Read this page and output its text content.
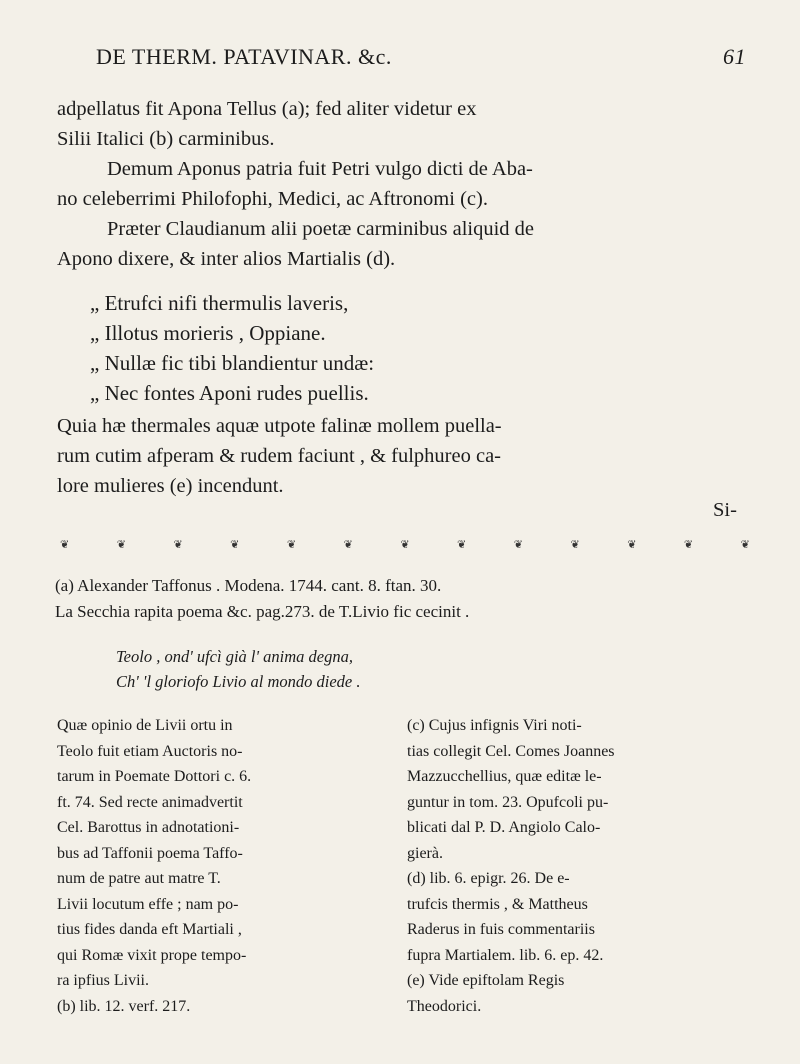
DE THERM. PATAVINAR. &c.	61
adpellatus fit Apona Tellus (a); fed aliter videtur ex
Silii Italici (b) carminibus.
Demum Aponus patria fuit Petri vulgo dicti de Aba-
no celeberrimi Philofophi, Medici, ac Aftronomi (c).
Præter Claudianum alii poetæ carminibus aliquid de
Apono dixere, & inter alios Martialis (d).
„ Etrufci nifi thermulis laveris,
„ Illotus morieris , Oppiane.
„ Nullæ fic tibi blandientur undæ:
„ Nec fontes Aponi rudes puellis.
Quia hæ thermales aquæ utpote falinæ mollem puella-
rum cutim afperam & rudem faciunt , & fulphureo ca-
lore mulieres (e) incendunt.
Si-
❦	❦	❦	❦	❦	❦	❦	❦	❦	❦	❦	❦	❦
(a) Alexander Taffonus . Modena. 1744. cant. 8. ftan. 30.
La Secchia rapita poema &c. pag.273. de T.Livio fic cecinit .
Teolo , ond' ufcì già l' anima degna,
Ch' 'l gloriofo Livio al mondo diede .
Quæ opinio de Livii ortu in
Teolo fuit etiam Auctoris no-
tarum in Poemate Dottori c. 6.
ft. 74. Sed recte animadvertit
Cel. Barottus in adnotationi-
bus ad Taffonii poema Taffo-
num de patre aut matre T.
Livii locutum effe ; nam po-
tius fides danda eft Martiali ,
qui Romæ vixit prope tempo-
ra ipfius Livii.
(b) lib. 12. verf. 217.
(c) Cujus infignis Viri noti-
tias collegit Cel. Comes Joannes
Mazzucchellius, quæ editæ le-
guntur in tom. 23. Opufcoli pu-
blicati dal P. D. Angiolo Calo-
gierà.
(d) lib. 6. epigr. 26. De e-
trufcis thermis , & Mattheus
Raderus in fuis commentariis
fupra Martialem. lib. 6. ep. 42.
(e) Vide epiftolam Regis
Theodorici.
